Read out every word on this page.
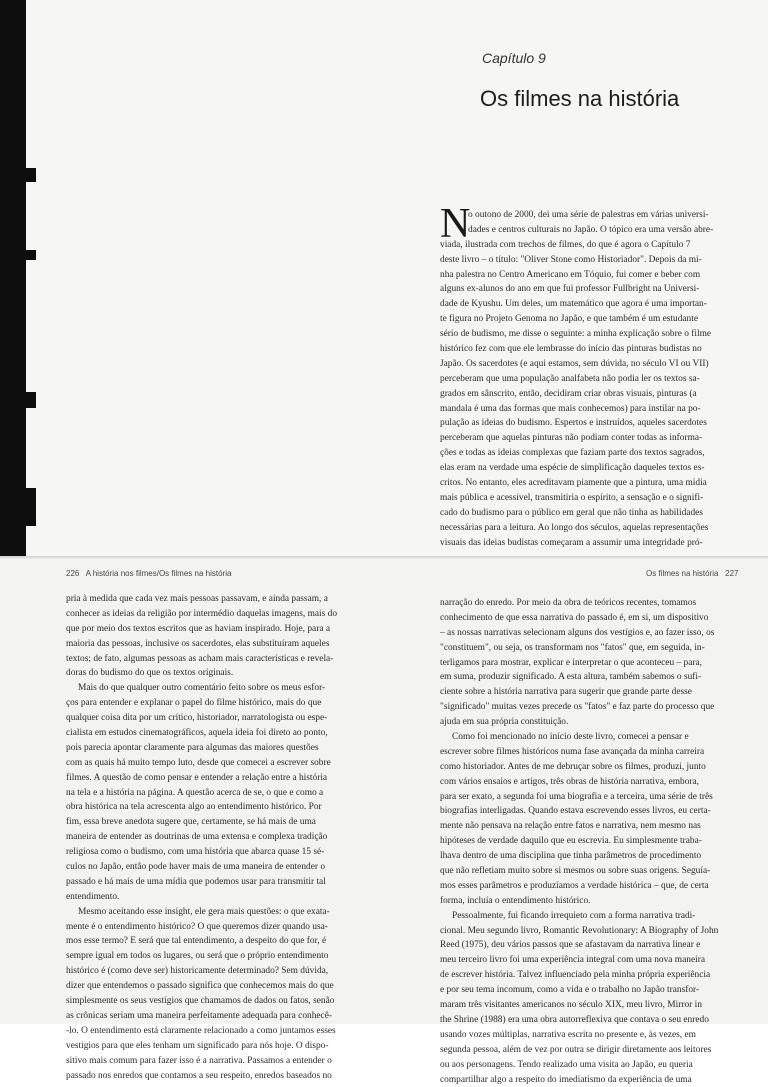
Capítulo 9
Os filmes na história
N
o outono de 2000, dei uma série de palestras em várias universi-
dades e centros culturais no Japão. O tópico era uma versão abre-
viada, ilustrada com trechos de filmes, do que é agora o Capítulo 7
deste livro – o título: "Oliver Stone como Historiador". Depois da mi-
nha palestra no Centro Americano em Tóquio, fui comer e beber com
alguns ex-alunos do ano em que fui professor Fullbright na Universi-
dade de Kyushu. Um deles, um matemático que agora é uma importan-
te figura no Projeto Genoma no Japão, e que também é um estudante
sério de budismo, me disse o seguinte: a minha explicação sobre o filme
histórico fez com que ele lembrasse do início das pinturas budistas no
Japão. Os sacerdotes (e aqui estamos, sem dúvida, no século VI ou VII)
perceberam que uma população analfabeta não podia ler os textos sa-
grados em sânscrito, então, decidiram criar obras visuais, pinturas (a
mandala é uma das formas que mais conhecemos) para instilar na po-
pulação as ideias do budismo. Espertos e instruídos, aqueles sacerdotes
perceberam que aquelas pinturas não podiam conter todas as informa-
ções e todas as ideias complexas que faziam parte dos textos sagrados,
elas eram na verdade uma espécie de simplificação daqueles textos es-
critos. No entanto, eles acreditavam piamente que a pintura, uma mídia
mais pública e acessível, transmitiria o espírito, a sensação e o signifi-
cado do budismo para o público em geral que não tinha as habilidades
necessárias para a leitura. Ao longo dos séculos, aquelas representações
visuais das ideias budistas começaram a assumir uma integridade pró-
226 A história nos filmes/Os filmes na história	Os filmes na história 227
pria à medida que cada vez mais pessoas passavam, e ainda passam, a
conhecer as ideias da religião por intermédio daquelas imagens, mais do
que por meio dos textos escritos que as haviam inspirado. Hoje, para a
maioria das pessoas, inclusive os sacerdotes, elas substituíram aqueles
textos; de fato, algumas pessoas as acham mais características e revela-
doras do budismo do que os textos originais.
Mais do que qualquer outro comentário feito sobre os meus esfor-
ços para entender e explanar o papel do filme histórico, mais do que
qualquer coisa dita por um crítico, historiador, narratologista ou espe-
cialista em estudos cinematográficos, aquela ideia foi direto ao ponto,
pois parecia apontar claramente para algumas das maiores questões
com as quais há muito tempo luto, desde que comecei a escrever sobre
filmes. A questão de como pensar e entender a relação entre a história
na tela e a história na página. A questão acerca de se, o que e como a
obra histórica na tela acrescenta algo ao entendimento histórico. Por
fim, essa breve anedota sugere que, certamente, se há mais de uma
maneira de entender as doutrinas de uma extensa e complexa tradição
religiosa como o budismo, com uma história que abarca quase 15 sé-
culos no Japão, então pode haver mais de uma maneira de entender o
passado e há mais de uma mídia que podemos usar para transmitir tal
entendimento.
Mesmo aceitando esse insight, ele gera mais questões: o que exata-
mente é o entendimento histórico? O que queremos dizer quando usa-
mos esse termo? E será que tal entendimento, a despeito do que for, é
sempre igual em todos os lugares, ou será que o próprio entendimento
histórico é (como deve ser) historicamente determinado? Sem dúvida,
dizer que entendemos o passado significa que conhecemos mais do que
simplesmente os seus vestígios que chamamos de dados ou fatos, senão
as crônicas seriam uma maneira perfeitamente adequada para conhecê-
-lo. O entendimento está claramente relacionado a como juntamos esses
vestígios para que eles tenham um significado para nós hoje. O dispo-
sitivo mais comum para fazer isso é a narrativa. Passamos a entender o
passado nos enredos que contamos a seu respeito, enredos baseados no
narração do enredo. Por meio da obra de teóricos recentes, tomamos
conhecimento de que essa narrativa do passado é, em si, um dispositivo
– as nossas narrativas selecionam alguns dos vestígios e, ao fazer isso, os
"constituem", ou seja, os transformam nos "fatos" que, em seguida, in-
terligamos para mostrar, explicar e interpretar o que aconteceu – para,
em suma, produzir significado. A esta altura, também sabemos o sufi-
ciente sobre a história narrativa para sugerir que grande parte desse
"significado" muitas vezes precede os "fatos" e faz parte do processo que
ajuda em sua própria constituição.
Como foi mencionado no início deste livro, comecei a pensar e
escrever sobre filmes históricos numa fase avançada da minha carreira
como historiador. Antes de me debruçar sobre os filmes, produzi, junto
com vários ensaios e artigos, três obras de história narrativa, embora,
para ser exato, a segunda foi uma biografia e a terceira, uma série de três
biografias interligadas. Quando estava escrevendo esses livros, eu certa-
mente não pensava na relação entre fatos e narrativa, nem mesmo nas
hipóteses de verdade daquilo que eu escrevia. Eu simplesmente traba-
lhava dentro de uma disciplina que tinha parâmetros de procedimento
que não refletiam muito sobre si mesmos ou sobre suas origens. Seguía-
mos esses parâmetros e produzíamos a verdade histórica – que, de certa
forma, incluía o entendimento histórico.
Pessoalmente, fui ficando irrequieto com a forma narrativa tradi-
cional. Meu segundo livro, Romantic Revolutionary: A Biography of John
Reed (1975), deu vários passos que se afastavam da narrativa linear e
meu terceiro livro foi uma experiência integral com uma nova maneira
de escrever história. Talvez influenciado pela minha própria experiência
e por seu tema incomum, como a vida e o trabalho no Japão transfor-
maram três visitantes americanos no século XIX, meu livro, Mirror in
the Shrine (1988) era uma obra autorreflexiva que contava o seu enredo
usando vozes múltiplas, narrativa escrita no presente e, às vezes, em
segunda pessoa, além de vez por outra se dirigir diretamente aos leitores
ou aos personagens. Tendo realizado uma visita ao Japão, eu queria
compartilhar algo a respeito do imediatismo da experiência de uma
